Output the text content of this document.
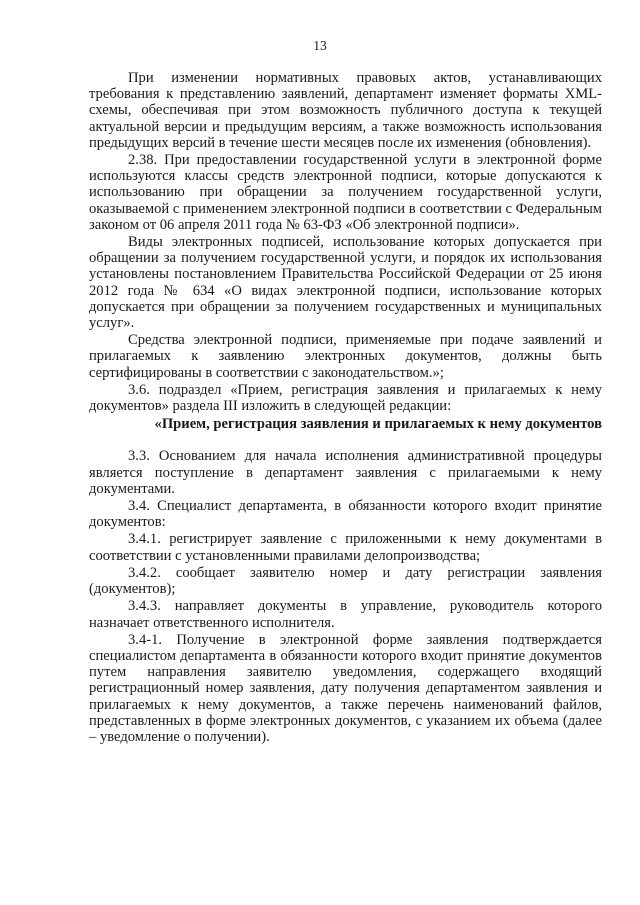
13

При изменении нормативных правовых актов, устанавливающих требования к представлению заявлений, департамент изменяет форматы XML-схемы, обеспечивая при этом возможность публичного доступа к текущей актуальной версии и предыдущим версиям, а также возможность использования предыдущих версий в течение шести месяцев после их изменения (обновления).

2.38. При предоставлении государственной услуги в электронной форме используются классы средств электронной подписи, которые допускаются к использованию при обращении за получением государственной услуги, оказываемой с применением электронной подписи в соответствии с Федеральным законом от 06 апреля 2011 года № 63-ФЗ «Об электронной подписи».

Виды электронных подписей, использование которых допускается при обращении за получением государственной услуги, и порядок их использования установлены постановлением Правительства Российской Федерации от 25 июня 2012 года № 634 «О видах электронной подписи, использование которых допускается при обращении за получением государственных и муниципальных услуг».

Средства электронной подписи, применяемые при подаче заявлений и прилагаемых к заявлению электронных документов, должны быть сертифицированы в соответствии с законодательством.»;

3.6. подраздел «Прием, регистрация заявления и прилагаемых к нему документов» раздела III изложить в следующей редакции:

«Прием, регистрация заявления и прилагаемых к нему документов

3.3. Основанием для начала исполнения административной процедуры является поступление в департамент заявления с прилагаемыми к нему документами.

3.4. Специалист департамента, в обязанности которого входит принятие документов:

3.4.1. регистрирует заявление с приложенными к нему документами в соответствии с установленными правилами делопроизводства;

3.4.2. сообщает заявителю номер и дату регистрации заявления (документов);

3.4.3. направляет документы в управление, руководитель которого назначает ответственного исполнителя.

3.4-1. Получение в электронной форме заявления подтверждается специалистом департамента в обязанности которого входит принятие документов путем направления заявителю уведомления, содержащего входящий регистрационный номер заявления, дату получения департаментом заявления и прилагаемых к нему документов, а также перечень наименований файлов, представленных в форме электронных документов, с указанием их объема (далее – уведомление о получении).
